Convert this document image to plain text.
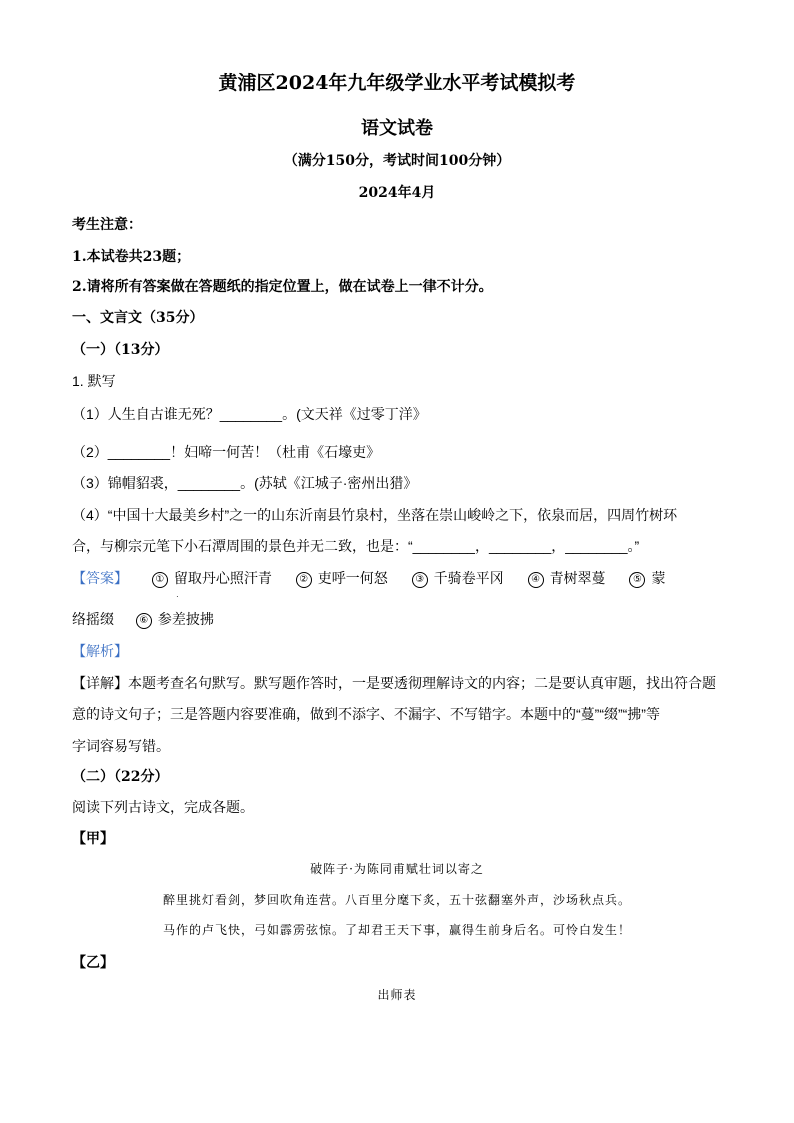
黄浦区2024年九年级学业水平考试模拟考
语文试卷
（满分150分，考试时间100分钟）
2024年4月
考生注意：
1.本试卷共23题；
2.请将所有答案做在答题纸的指定位置上，做在试卷上一律不计分。
一、文言文（35分）
（一）（13分）
1. 默写
（1）人生自古谁无死？________。(文天祥《过零丁洋》
（2）________！妇啼一何苦！（杜甫《石壕吏》
（3）锦帽貂裘，________。(苏轼《江城子·密州出猎》
（4）“中国十大最美乡村”之一的山东沂南县竹泉村，坐落在崇山峻岭之下，依泉而居，四周竹树环
合，与柳宗元笔下小石潭周围的景色并无二致，也是：“________，________，________。”
【答案】	① 留取丹心照汗青	② 吏呼一何怒	③ 千骑卷平冈	④ 青树翠蔓	⑤ 蒙
·
络摇缀	⑥ 参差披拂
【解析】
【详解】本题考查名句默写。默写题作答时，一是要透彻理解诗文的内容；二是要认真审题，找出符合题
意的诗文句子；三是答题内容要准确，做到不添字、不漏字、不写错字。本题中的“蔓”“缀”“拂”等
字词容易写错。
（二）（22分）
阅读下列古诗文，完成各题。
【甲】
破阵子·为陈同甫赋壮词以寄之
醉里挑灯看剑，梦回吹角连营。八百里分麾下炙，五十弦翻塞外声，沙场秋点兵。
马作的卢飞快，弓如霹雳弦惊。了却君王天下事，赢得生前身后名。可怜白发生！
【乙】
出师表
